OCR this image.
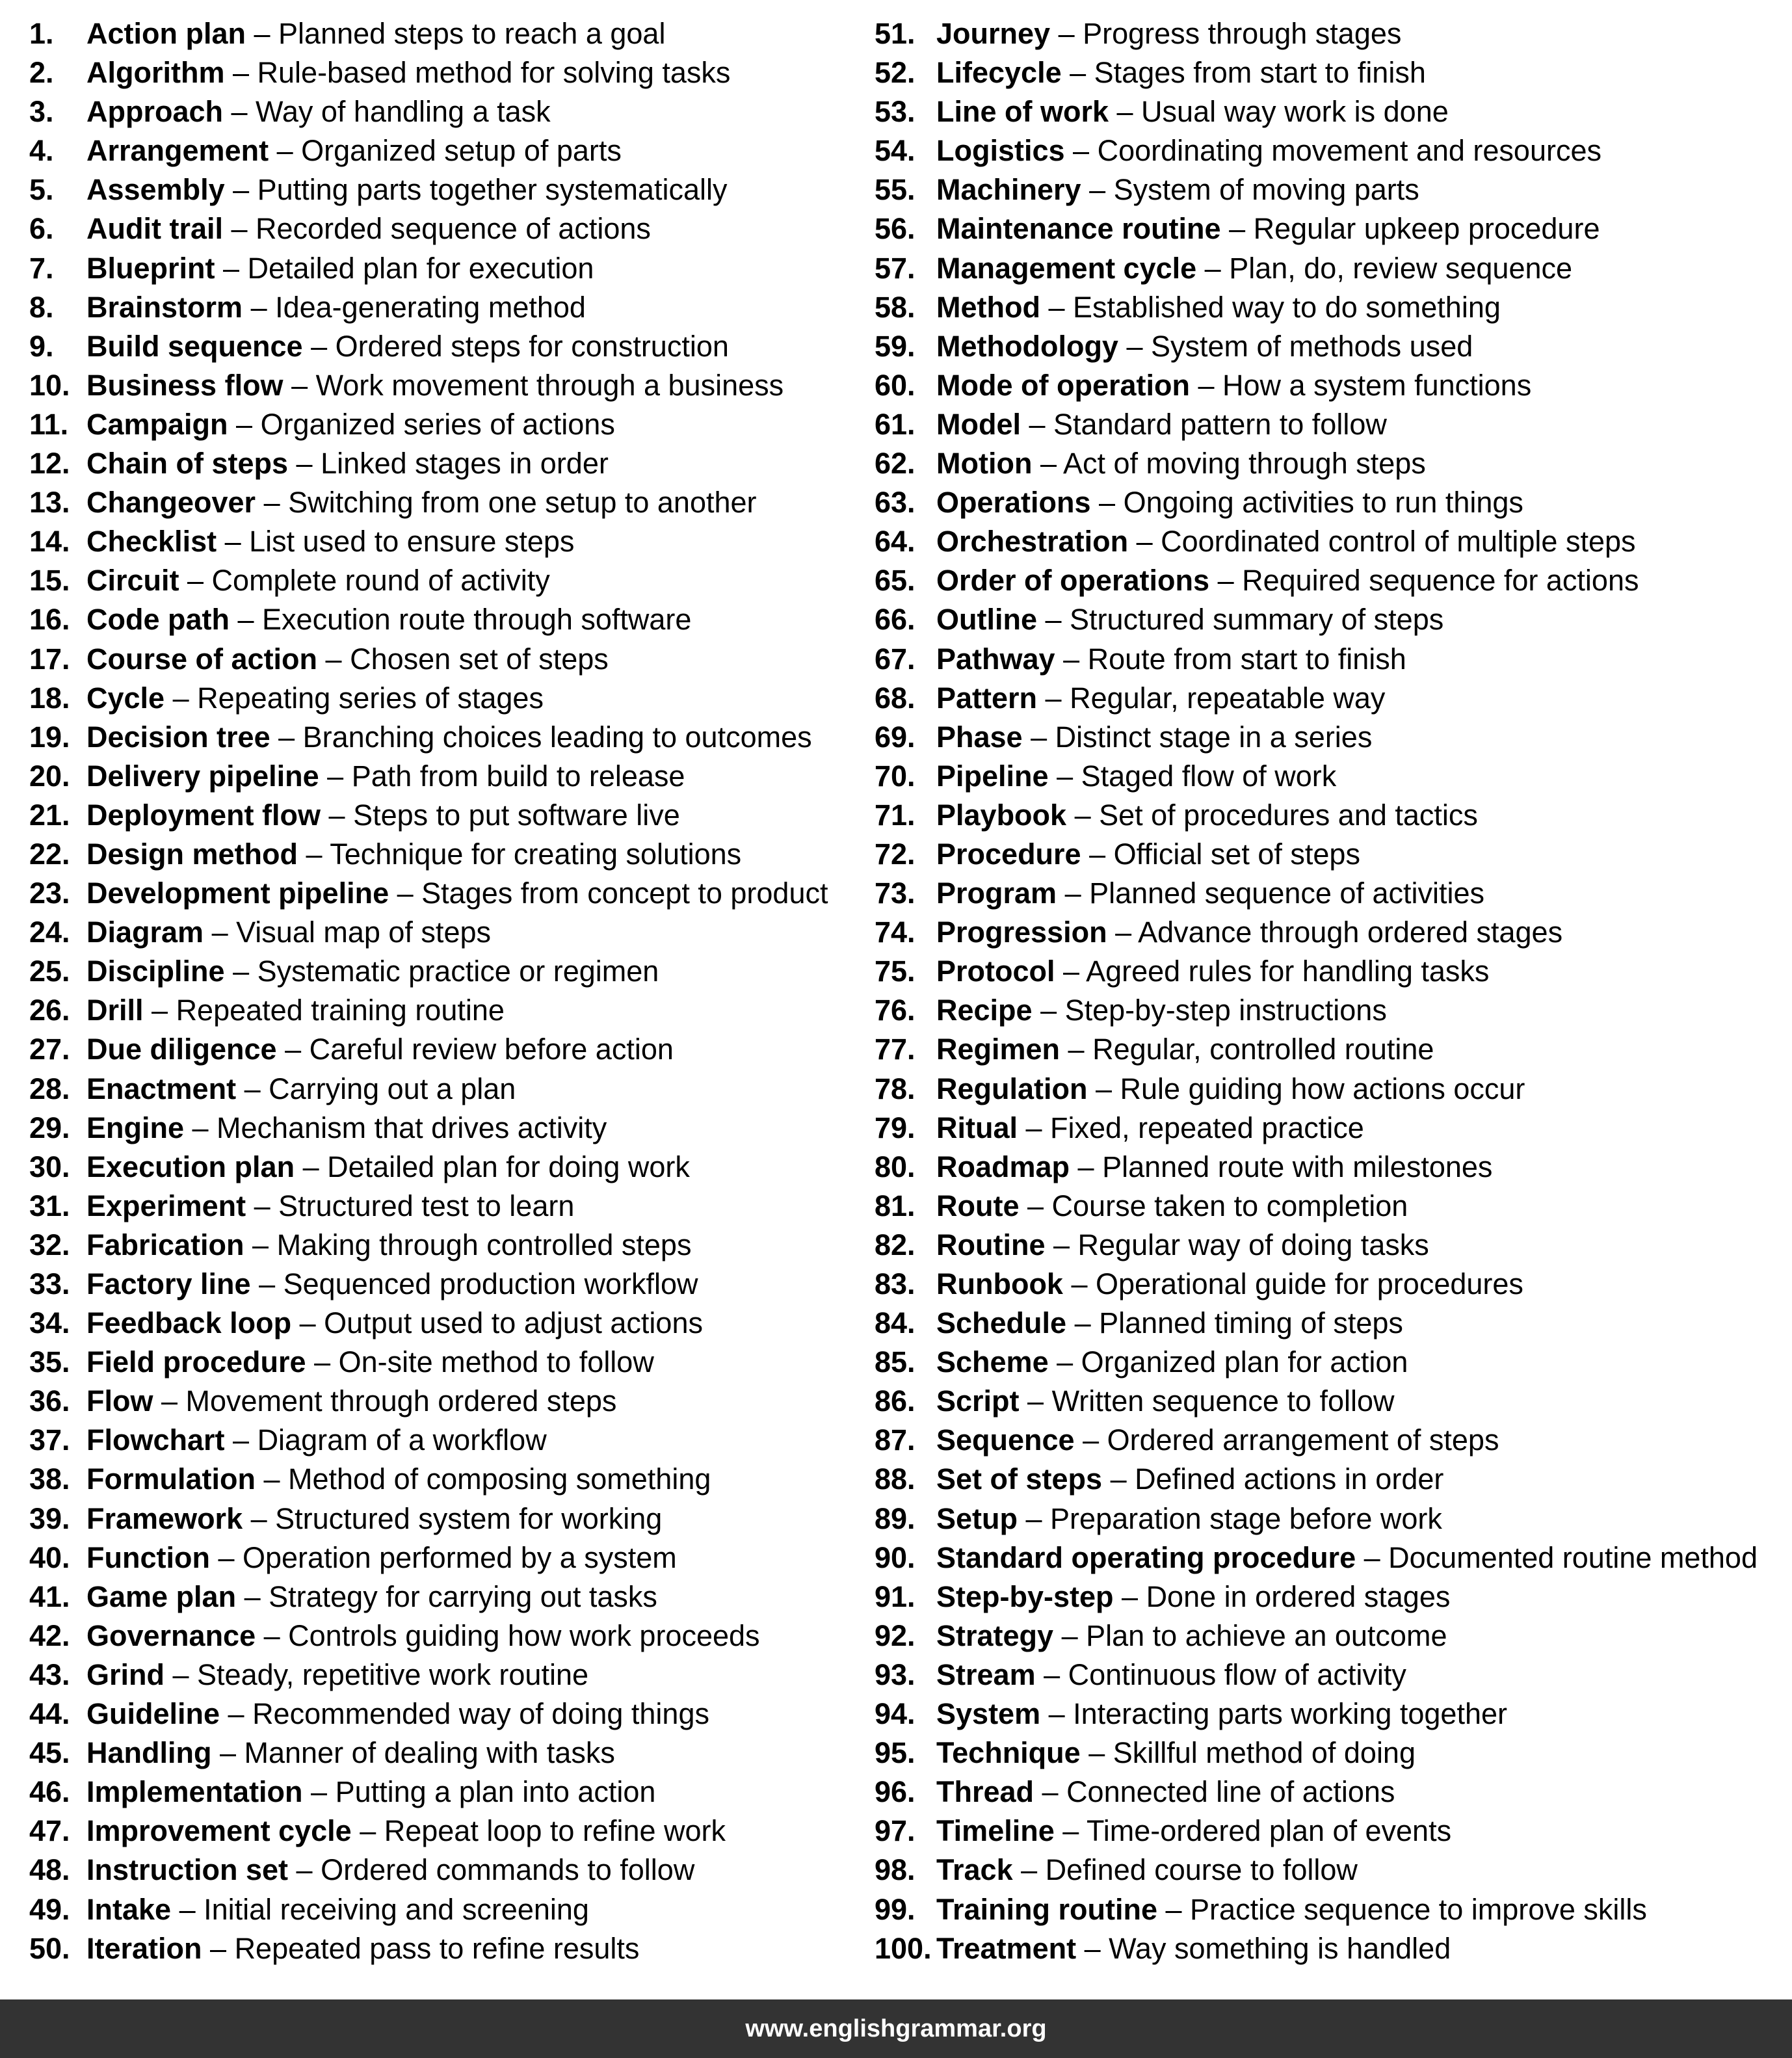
1.	Action plan – Planned steps to reach a goal
2.	Algorithm – Rule-based method for solving tasks
3.	Approach – Way of handling a task
4.	Arrangement – Organized setup of parts
5.	Assembly – Putting parts together systematically
6.	Audit trail – Recorded sequence of actions
7.	Blueprint – Detailed plan for execution
8.	Brainstorm – Idea-generating method
9.	Build sequence – Ordered steps for construction
10. Business flow – Work movement through a business
11. Campaign – Organized series of actions
12. Chain of steps – Linked stages in order
13. Changeover – Switching from one setup to another
14. Checklist – List used to ensure steps
15. Circuit – Complete round of activity
16. Code path – Execution route through software
17. Course of action – Chosen set of steps
18. Cycle – Repeating series of stages
19. Decision tree – Branching choices leading to outcomes
20. Delivery pipeline – Path from build to release
21. Deployment flow – Steps to put software live
22. Design method – Technique for creating solutions
23. Development pipeline – Stages from concept to product
24. Diagram – Visual map of steps
25. Discipline – Systematic practice or regimen
26. Drill – Repeated training routine
27. Due diligence – Careful review before action
28. Enactment – Carrying out a plan
29. Engine – Mechanism that drives activity
30. Execution plan – Detailed plan for doing work
31. Experiment – Structured test to learn
32. Fabrication – Making through controlled steps
33. Factory line – Sequenced production workflow
34. Feedback loop – Output used to adjust actions
35. Field procedure – On-site method to follow
36. Flow – Movement through ordered steps
37. Flowchart – Diagram of a workflow
38. Formulation – Method of composing something
39. Framework – Structured system for working
40. Function – Operation performed by a system
41. Game plan – Strategy for carrying out tasks
42. Governance – Controls guiding how work proceeds
43. Grind – Steady, repetitive work routine
44. Guideline – Recommended way of doing things
45. Handling – Manner of dealing with tasks
46. Implementation – Putting a plan into action
47. Improvement cycle – Repeat loop to refine work
48. Instruction set – Ordered commands to follow
49. Intake – Initial receiving and screening
50. Iteration – Repeated pass to refine results
51. Journey – Progress through stages
52. Lifecycle – Stages from start to finish
53. Line of work – Usual way work is done
54. Logistics – Coordinating movement and resources
55. Machinery – System of moving parts
56. Maintenance routine – Regular upkeep procedure
57. Management cycle – Plan, do, review sequence
58. Method – Established way to do something
59. Methodology – System of methods used
60. Mode of operation – How a system functions
61. Model – Standard pattern to follow
62. Motion – Act of moving through steps
63. Operations – Ongoing activities to run things
64. Orchestration – Coordinated control of multiple steps
65. Order of operations – Required sequence for actions
66. Outline – Structured summary of steps
67. Pathway – Route from start to finish
68. Pattern – Regular, repeatable way
69. Phase – Distinct stage in a series
70. Pipeline – Staged flow of work
71. Playbook – Set of procedures and tactics
72. Procedure – Official set of steps
73. Program – Planned sequence of activities
74. Progression – Advance through ordered stages
75. Protocol – Agreed rules for handling tasks
76. Recipe – Step-by-step instructions
77. Regimen – Regular, controlled routine
78. Regulation – Rule guiding how actions occur
79. Ritual – Fixed, repeated practice
80. Roadmap – Planned route with milestones
81. Route – Course taken to completion
82. Routine – Regular way of doing tasks
83. Runbook – Operational guide for procedures
84. Schedule – Planned timing of steps
85. Scheme – Organized plan for action
86. Script – Written sequence to follow
87. Sequence – Ordered arrangement of steps
88. Set of steps – Defined actions in order
89. Setup – Preparation stage before work
90. Standard operating procedure – Documented routine method
91. Step-by-step – Done in ordered stages
92. Strategy – Plan to achieve an outcome
93. Stream – Continuous flow of activity
94. System – Interacting parts working together
95. Technique – Skillful method of doing
96. Thread – Connected line of actions
97. Timeline – Time-ordered plan of events
98. Track – Defined course to follow
99. Training routine – Practice sequence to improve skills
100. Treatment – Way something is handled
www.englishgrammar.org
